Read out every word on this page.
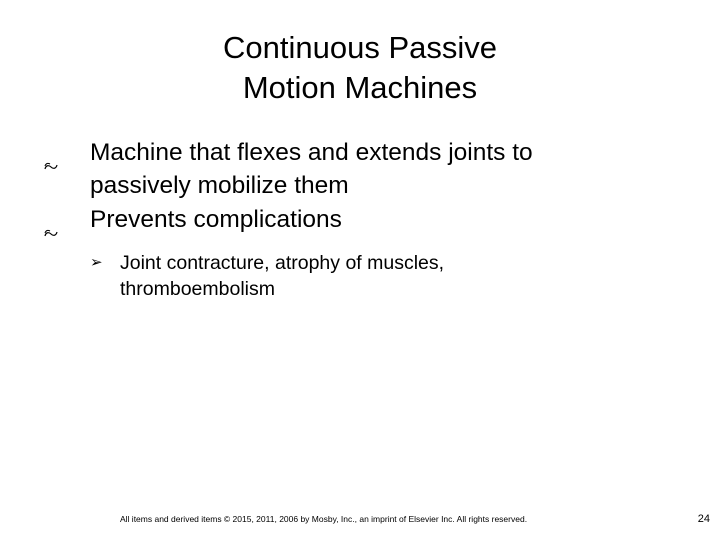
Continuous Passive
Motion Machines
Machine that flexes and extends joints to
passively mobilize them
Prevents complications
➢ Joint contracture, atrophy of muscles,
thromboembolism
All items and derived items © 2015, 2011, 2006 by Mosby, Inc., an imprint of Elsevier Inc. All rights reserved.	24
